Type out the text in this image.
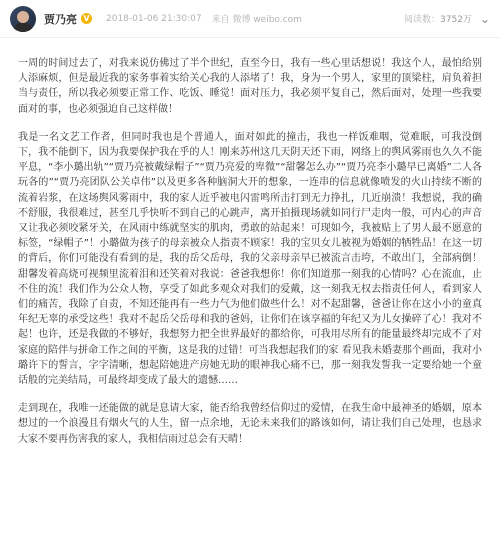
贾乃亮 V 2018-01-06 21:30:07 来自 微博 weibo.com	阅读数：3752万 ⌄

一周的时间过去了，对我来说仿佛过了半个世纪，直至今日，我有一些心里话想说！我这个人，最怕给别人添麻烦，但是最近我的家务事着实给关心我的人添堵了！我，身为一个男人，家里的顶梁柱，肩负着担当与责任，所以我必须要正常工作、吃饭、睡觉！面对压力，我必须平复自己，然后面对，处理一些我要面对的事，也必须强迫自己这样做！

我是一名文艺工作者，但同时我也是个普通人，面对如此的撞击，我也一样饭难咽，觉难眠，可我没倒下，我不能倒下，因为我要保护我在乎的人！刚来苏州这几天阴天还下雨，网络上的舆风雾雨也久久不能平息，“李小璐出轨”“贾乃亮被戴绿帽子”“贾乃亮爱的卑微”“甜馨怎么办”“贾乃亮李小璐早已离婚”二人各玩各的”“贾乃亮团队公关卓伟”以及更多各种脑洞大开的想象，一连串的信息就像喷发的火山持续不断的流着岩浆，在这场舆风雾雨中，我的家人近乎被电闪雷鸣所击打到无力挣扎，几近崩溃！我想说，我的确不舒服，我很难过，甚至几乎快听不到自己的心跳声，离开拍摄现场就如同行尸走肉一般，可内心的声音又让我必须咬紧牙关，在风雨中练就坚实的肌肉，勇敢的站起来！可现如今，我被贴上了男人最不愿意的标签，“绿帽子”！小璐做为孩子的母亲被众人指责不顾家！我的宝贝女儿被视为婚姻的牺牲品！在这一切的背后，你们可能没有看到的是，我的岳父岳母，我的父亲母亲早已被流言击垮，不敢出门，全部病倒！甜馨发着高烧可视频里流着泪和还笑着对我说：爸爸我想你！你们知道那一刻我的心情吗？心在流血，止不住的流！我们作为公众人物，享受了如此多观众对我们的爱戴，这一刻我无权去指责任何人，看到家人们的痛苦，我除了自责，不知还能再有一些力气为他们做些什么！对不起甜馨，爸爸让你在这小小的童真年纪无辜的承受这些！我对不起岳父岳母和我的爸妈，让你们在该享福的年纪又为儿女操碎了心！我对不起！也许，还是我做的不够好，我想努力把全世界最好的都给你，可我用尽所有的能量最终却完成不了对家庭的陪伴与拼命工作之间的平衡，这是我的过错！可当我想起我们的家 看见我未婚妻那个画面，我对小璐许下的誓言，字字清晰，想起陪她进产房她无助的眼神我心痛不已，那一刻我发誓我一定要给她一个童话般的完美结局，可最终却变成了最大的遗憾……

走到现在，我唯一还能做的就是息请大家，能否给我曾经信仰过的爱情，在我生命中最神圣的婚姻，原本想过的一个浪漫且有烟火气的人生，留一点余地，无论未来我们的路该如何，请让我们自己处理，也恳求大家不要再伤害我的家人，我相信雨过总会有天晴！
